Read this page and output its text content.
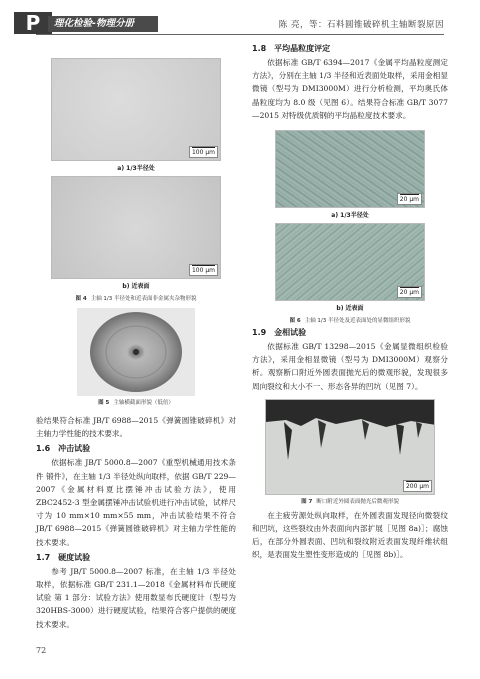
P	理化检验-物理分册	陈 亮，等：石料圆锥破碎机主轴断裂原因
100 μm
a) 1/3半径处
100 μm
b) 近表面
图 4 主轴 1/3 半径处和近表面非金属夹杂物形貌
图 5 主轴横截面形貌（低倍）

验结果符合标准 JB/T 6988—2015《弹簧圆锥破碎机》对主轴力学性能的技术要求。

1.6　冲击试验

依据标准 JB/T 5000.8—2007《重型机械通用技术条件 锻件》，在主轴 1/3 半径处纵向取样，依据 GB/T 229—2007《金属材料夏比摆锤冲击试验方法》，使用 ZBC2452-3 型金属摆锤冲击试验机进行冲击试验，试样尺寸为 10 mm×10 mm×55 mm，冲击试验结果不符合 JB/T 6988—2015《弹簧圆锥破碎机》对主轴力学性能的技术要求。

1.7　硬度试验

参考 JB/T 5000.8—2007 标准，在主轴 1/3 半径处取样，依据标准 GB/T 231.1—2018《金属材料布氏硬度试验 第 1 部分：试验方法》使用数显布氏硬度计（型号为 320HBS-3000）进行硬度试验，结果符合客户提供的硬度技术要求。

72
1.8　平均晶粒度评定

依据标准 GB/T 6394—2017《金属平均晶粒度测定方法》，分别在主轴 1/3 半径和近表面处取样，采用金相显微镜（型号为 DMI3000M）进行分析检测，平均奥氏体晶粒度均为 8.0 级（见图 6）。结果符合标准 GB/T 3077—2015 对特级优质钢的平均晶粒度技术要求。

20 μm
a) 1/3半径处
20 μm
b) 近表面
图 6 主轴 1/3 半径处及近表面处的显微组织形貌
1.9　金相试验

依据标准 GB/T 13298—2015《金属显微组织检验方法》，采用金相显微镜（型号为 DMI3000M）观察分析。观察断口附近外圆表面抛光后的微观形貌，发现很多周向裂纹和大小不一、形态各异的凹坑（见图 7）。

200 μm
图 7 断口附近外圆表面抛光后微观形貌

在主疲劳源处纵向取样，在外圆表面发现径向微裂纹和凹坑，这些裂纹由外表面向内部扩展［见图 8a)］；腐蚀后，在部分外圆表面、凹坑和裂纹附近表面发现纤维状组织，是表面发生塑性变形造成的［见图 8b)］。
